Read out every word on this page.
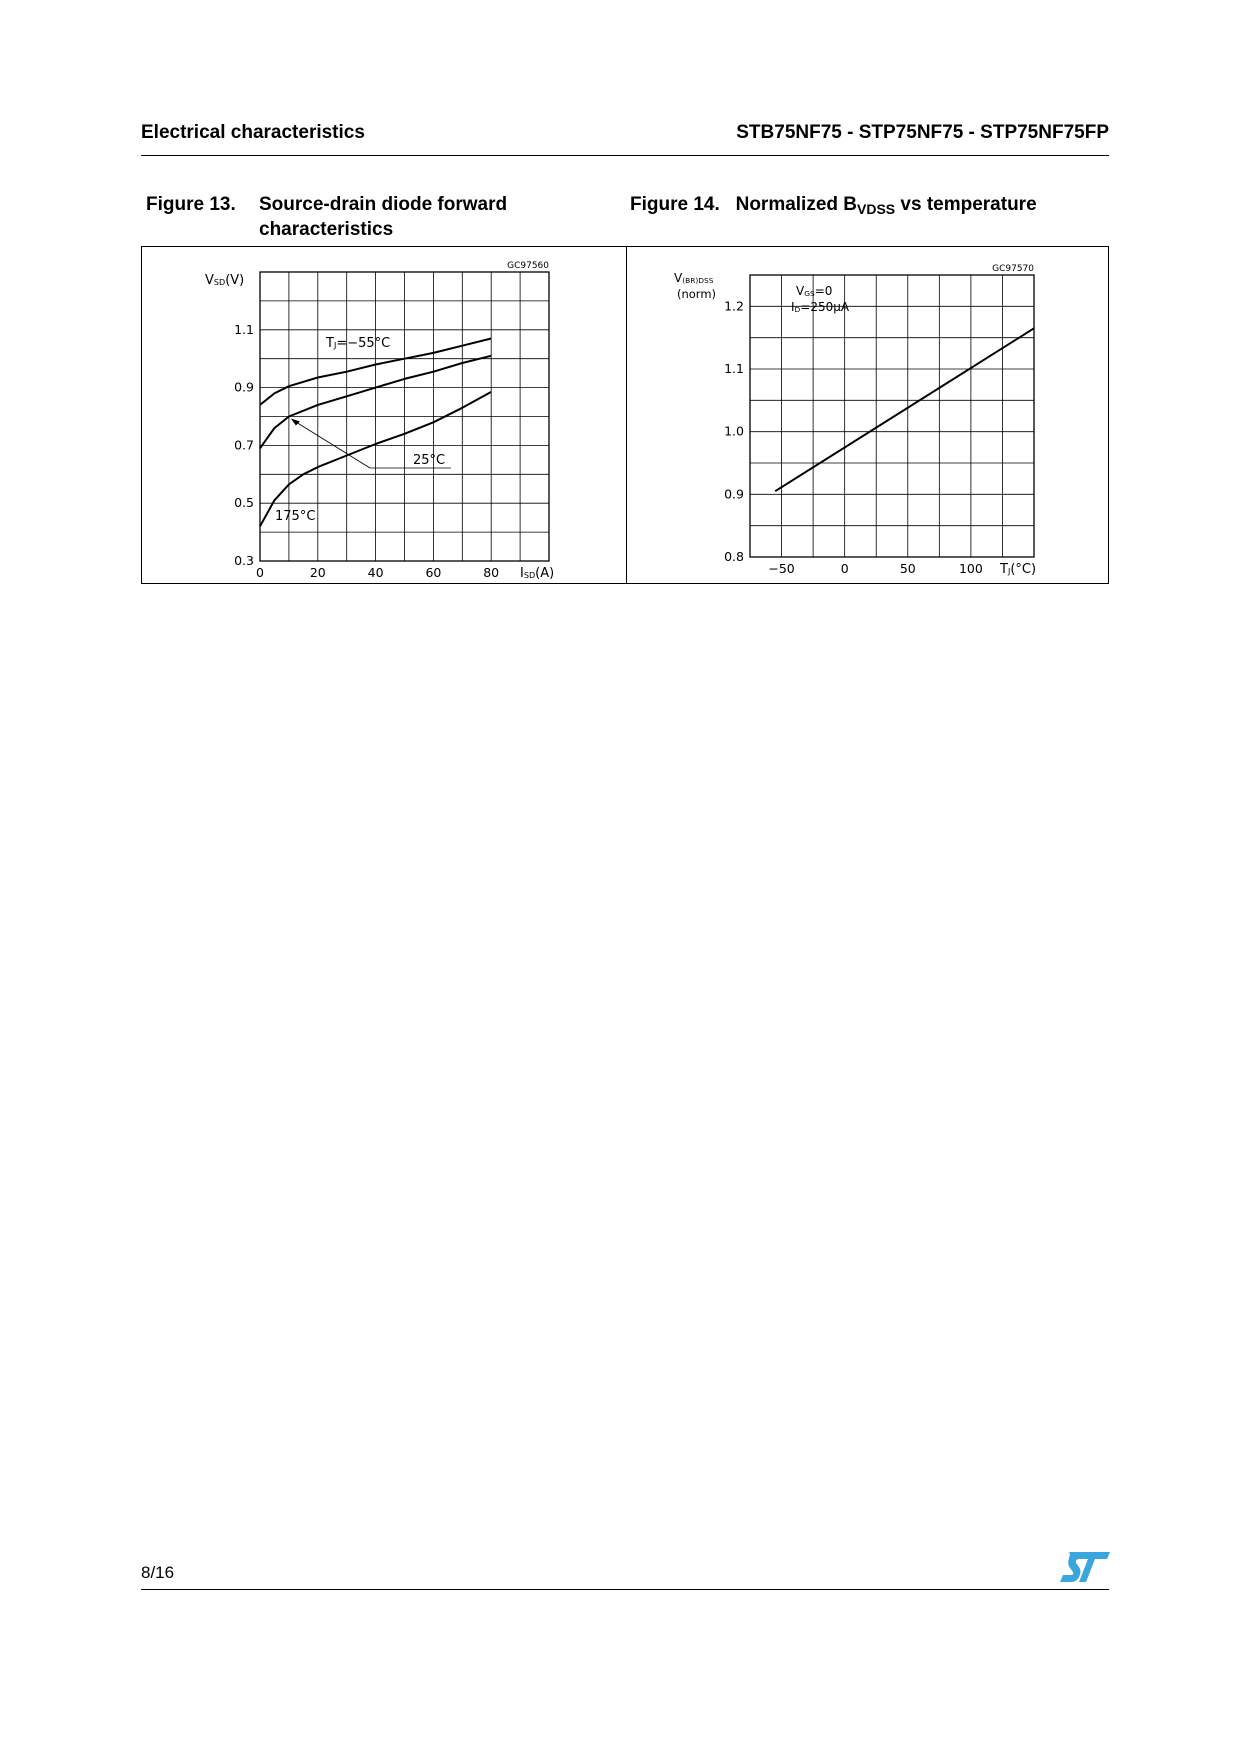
Electrical characteristics	STB75NF75 - STP75NF75 - STP75NF75FP
Figure 13. Source-drain diode forward
characteristics
Figure 14. Normalized $B_{VDSS}$ vs temperature
GC97560
0.3
0.5
0.7
0.9
1.1
0	20	40	60	80
VSD(V)
ISD(A)
TJ=−55°C
25°C
175°C
GC97570
0.8
0.9
1.0
1.1
1.2
−50	0	50	100
V(BR)DSS
(norm)
TJ(°C)
VGS=0
ID=250μA
8/16
